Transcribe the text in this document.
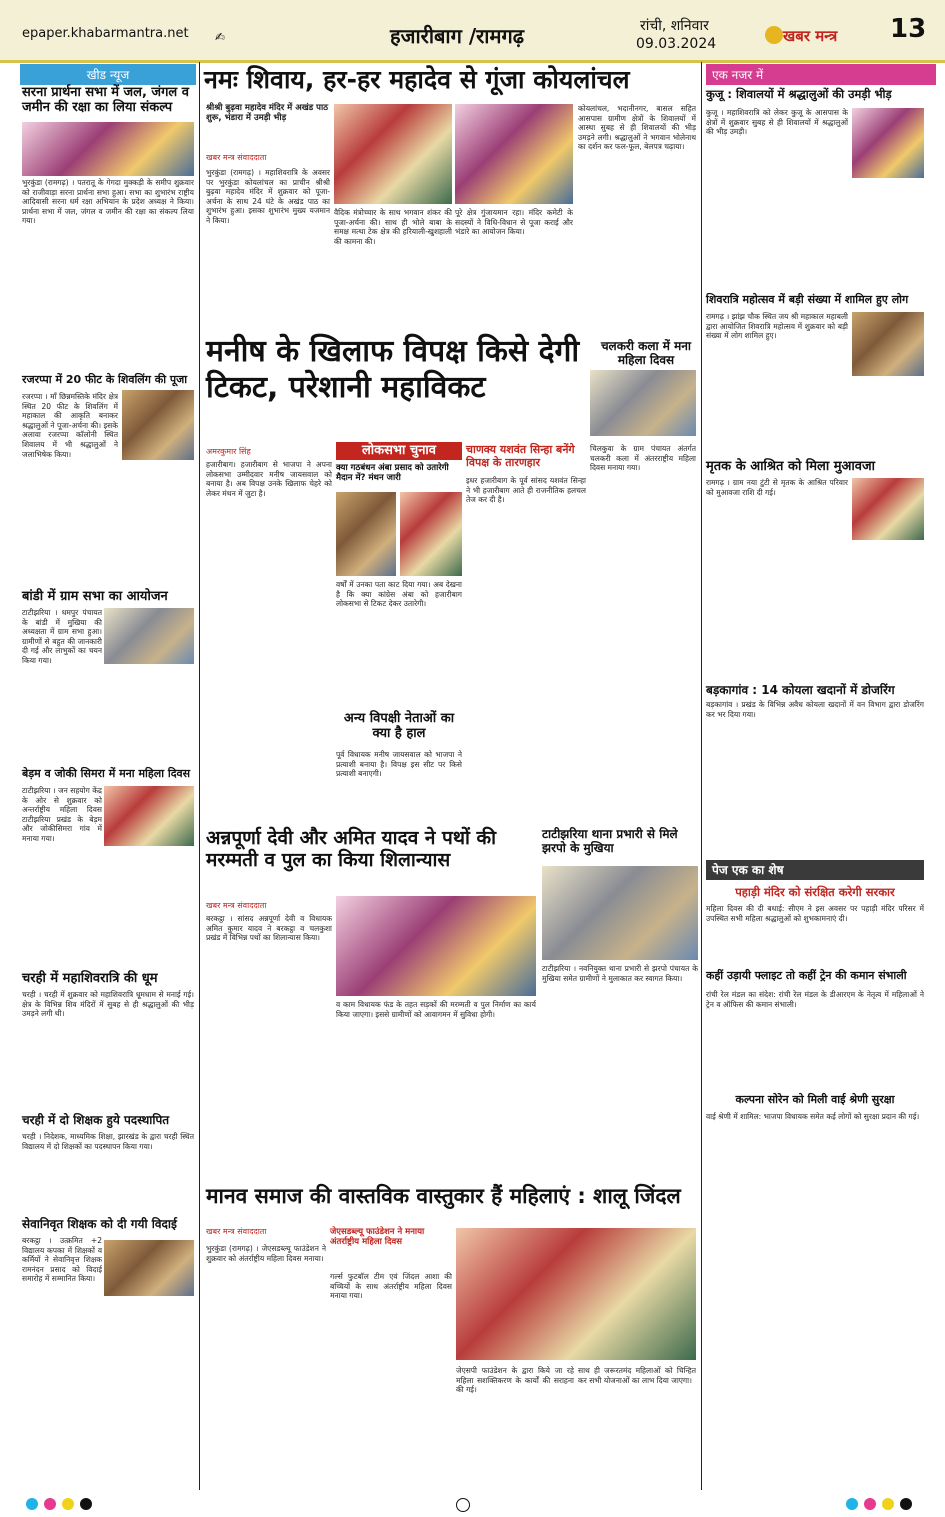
epaper.khabarmantra.net ✍	हजारीबाग /रामगढ़	रांची, शनिवार
09.03.2024	खबर मन्त्र 13
खीड न्यूज
सरना प्रार्थना सभा में जल, जंगल व जमीन की रक्षा का लिया संकल्प
भुरकुंडा (रामगढ़) । पतरातू के गेगदा मुक्कड़ी के समीप शुक्रवार को राजीवाड़ा सरना प्रार्थना सभा हुआ। सभा का शुभारंभ राष्ट्रीय आदिवासी सरना धर्म रक्षा अभियान के प्रदेश अध्यक्ष ने किया। प्रार्थना सभा में जल, जंगल व जमीन की रक्षा का संकल्प लिया गया।
रजरप्पा में 20 फीट के शिवलिंग की पूजा
रजरप्पा । माँ छिन्नमस्तिके मंदिर क्षेत्र स्थित 20 फीट के शिवलिंग में महाकाल की आकृति बनाकर श्रद्धालुओं ने पूजा-अर्चना की। इसके अलावा रजरप्पा कॉलोनी स्थित शिवालय में भी श्रद्धालुओं ने जलाभिषेक किया।
बांडी में ग्राम सभा का आयोजन
टाटीझरिया । धमपुर पंचायत के बांडी में मुखिया की अध्यक्षता में ग्राम सभा हुआ। ग्रामीणों से बहुत की जानकारी दी गई और लाभुकों का चयन किया गया।
बेड़म व जोकी सिमरा में मना महिला दिवस
टाटीझरिया । जन सहयोग केंद्र के ओर से शुक्रवार को अन्तर्राष्ट्रीय महिला दिवस टाटीझरिया प्रखंड के बेड़म और जोकीसिमरा गांव में मनाया गया।
चरही में महाशिवरात्रि की धूम
चरही । चरही में शुक्रवार को महाशिवरात्रि धूमधाम से मनाई गई। क्षेत्र के विभिन्न शिव मंदिरों में सुबह से ही श्रद्धालुओं की भीड़ उमड़ने लगी थी।
चरही में दो शिक्षक हुये पदस्थापित
चरही । निदेशक, माध्यमिक शिक्षा, झारखंड के द्वारा चरही स्थित विद्यालय में दो शिक्षकों का पदस्थापन किया गया।
सेवानिवृत शिक्षक को दी गयी विदाई
बरकट्ठा । उत्क्रमित +2 विद्यालय कपका में शिक्षकों व कर्मियों ने सेवानिवृत्त शिक्षक रामनंदन प्रसाद को विदाई समारोह में सम्मानित किया।
नमः शिवाय, हर-हर महादेव से गूंजा कोयलांचल
श्रीश्री बुढ़वा महादेव मंदिर में अखंड पाठ शुरू, भंडारा में उमड़ी भीड़
खबर मन्त्र संवाददाता
भुरकुंडा (रामगढ़) । महाशिवरात्रि के अवसर पर भुरकुंडा कोयलांचल का प्राचीन श्रीश्री बुढ़वा महादेव मंदिर में शुक्रवार को पूजा-अर्चना के साथ 24 घंटे के अखंड पाठ का शुभारंभ हुआ। इसका शुभारंभ मुख्य यजमान ने किया।
वैदिक मंत्रोच्चार के साथ भगवान शंकर की पूजा-अर्चना की। साथ ही भोले बाबा के समक्ष मत्था टेक क्षेत्र की हरियाली-खुशहाली की कामना की।
पूरे क्षेत्र गुंजायमान रहा। मंदिर कमेटी के सदस्यों ने विधि-विधान से पूजा कराई और भंडारे का आयोजन किया।
कोयलांचल, भदानीनगर, बासल सहित आसपास ग्रामीण क्षेत्रों के शिवालयों में आस्था सुबह से ही शिवालयों की भीड़ उमड़ने लगी। श्रद्धालुओं ने भगवान भोलेनाथ का दर्शन कर फल-फूल, बेलपत्र चढ़ाया।
मनीष के खिलाफ विपक्ष किसे देगी टिकट, परेशानी महाविकट
चलकरी कला में मना महिला दिवस
अमरकुमार सिंह	लोकसभा चुनाव
क्या गठबंधन अंबा प्रसाद को उतारेगी मैदान में? मंथन जारी
हजारीबाग। हजारीबाग से भाजपा ने अपना लोकसभा उम्मीदवार मनीष जायसवाल को बनाया है। अब विपक्ष उनके खिलाफ चेहरे को लेकर मंथन में जुटा है।
वर्षों में उनका पता काट दिया गया। अब देखना है कि क्या कांग्रेस अंबा को हजारीबाग लोकसभा से टिकट देकर उतारेगी।
अन्य विपक्षी नेताओं का क्या है हाल
पूर्व विधायक मनीष जायसवाल को भाजपा ने प्रत्याशी बनाया है। विपक्ष इस सीट पर किसे प्रत्याशी बनाएगी।
चाणक्य यशवंत सिन्हा बनेंगे विपक्ष के तारणहार
इधर हजारीबाग के पूर्व सांसद यशवंत सिन्हा ने भी हजारीबाग आते ही राजनीतिक हलचल तेज कर दी है।
चिलकुवा के ग्राम पंचायत अंतर्गत चलकरी कला में अंतरराष्ट्रीय महिला दिवस मनाया गया।
अन्नपूर्णा देवी और अमित यादव ने पथों की मरम्मती व पुल का किया शिलान्यास
खबर मन्त्र संवाददाता
बरकट्ठा । सांसद अन्नपूर्णा देवी व विधायक अमित कुमार यादव ने बरकट्ठा व चलकुशा प्रखंड में विभिन्न पथों का शिलान्यास किया।
व काम विधायक फंड के तहत सड़कों की मरम्मती व पुल निर्माण का कार्य किया जाएगा। इससे ग्रामीणों को आवागमन में सुविधा होगी।
टाटीझरिया थाना प्रभारी से मिले झरपो के मुखिया
टाटीझरिया । नवनियुक्त थाना प्रभारी से झरपो पंचायत के मुखिया समेत ग्रामीणों ने मुलाकात कर स्वागत किया।
मानव समाज की वास्तविक वास्तुकार हैं महिलाएं : शालू जिंदल
खबर मन्त्र संवाददाता	जेएसडब्ल्यू फाउंडेशन ने मनाया अंतर्राष्ट्रीय महिला दिवस
भुरकुंडा (रामगढ़) । जेएसडब्ल्यू फाउंडेशन ने शुक्रवार को अंतर्राष्ट्रीय महिला दिवस मनाया।
गर्ल्स फुटबॉल टीम एवं जिंदल आशा की बच्चियों के साथ अंतर्राष्ट्रीय महिला दिवस मनाया गया।
जेएसपी फाउंडेशन के द्वारा किये जा रहे महिला सशक्तिकरण के कार्यों की सराहना की गई।
साथ ही जरूरतमंद महिलाओं को चिन्हित कर सभी योजनाओं का लाभ दिया जाएगा।
एक नजर में
कुजू : शिवालयों में श्रद्धालुओं की उमड़ी भीड़
कुजू । महाशिवरात्रि को लेकर कुजू के आसपास के क्षेत्रों में शुक्रवार सुबह से ही शिवालयों में श्रद्धालुओं की भीड़ उमड़ी।
शिवरात्रि महोत्सव में बड़ी संख्या में शामिल हुए लोग
रामगढ़ । झांझ चौक स्थित जय श्री महाकाल महाबली द्वारा आयोजित शिवरात्रि महोत्सव में शुक्रवार को बड़ी संख्या में लोग शामिल हुए।
मृतक के आश्रित को मिला मुआवजा
रामगढ़ । ग्राम नया टुंटी से मृतक के आश्रित परिवार को मुआवजा राशि दी गई।
बड़कागांव : 14 कोयला खदानों में डोजरिंग
बड़कागांव । प्रखंड के विभिन्न अवैध कोयला खदानों में वन विभाग द्वारा डोजरिंग कर भर दिया गया।
पेज एक का शेष
पहाड़ी मंदिर को संरक्षित करेगी सरकार
महिला दिवस की दी बधाई: सीएम ने इस अवसर पर पहाड़ी मंदिर परिसर में उपस्थित सभी महिला श्रद्धालुओं को शुभकामनाएं दी।
कहीं उड़ायी फ्लाइट तो कहीं ट्रेन की कमान संभाली
रांची रेल मंडल का संदेश: रांची रेल मंडल के डीआरएम के नेतृत्व में महिलाओं ने ट्रेन व ऑफिस की कमान संभाली।
कल्पना सोरेन को मिली वाई श्रेणी सुरक्षा
वाई श्रेणी में शामिल: भाजपा विधायक समेत कई लोगों को सुरक्षा प्रदान की गई।
